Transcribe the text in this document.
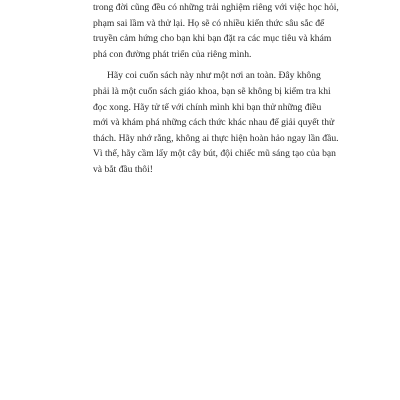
trong đời cũng đều có những trải nghiệm riêng với việc học hỏi,
phạm sai lầm và thử lại. Họ sẽ có nhiều kiến thức sâu sắc để
truyền cảm hứng cho bạn khi bạn đặt ra các mục tiêu và khám
phá con đường phát triển của riêng mình.
Hãy coi cuốn sách này như một nơi an toàn. Đây không
phải là một cuốn sách giáo khoa, bạn sẽ không bị kiểm tra khi
đọc xong. Hãy tử tế với chính mình khi bạn thử những điều
mới và khám phá những cách thức khác nhau để giải quyết thử
thách. Hãy nhớ rằng, không ai thực hiện hoàn hảo ngay lần đầu.
Vì thế, hãy cầm lấy một cây bút, đội chiếc mũ sáng tạo của bạn
và bắt đầu thôi!
